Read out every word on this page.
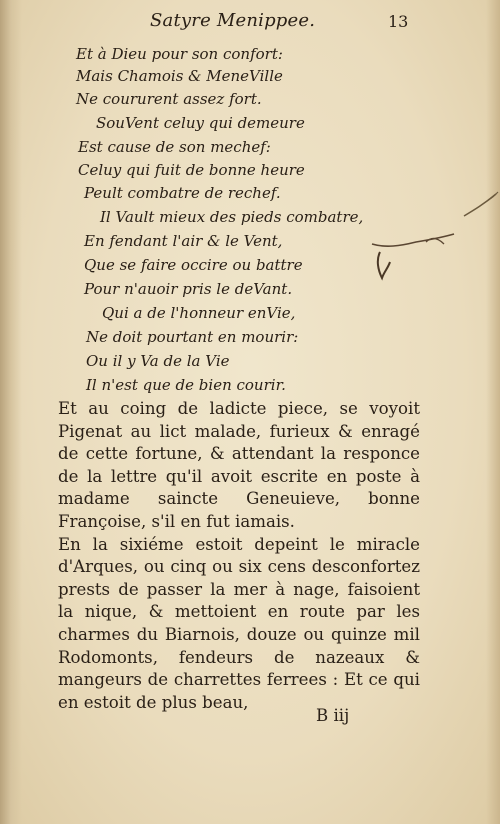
Satyre Menippee.	13
Et à Dieu pour son confort:
Mais Chamois & MeneVille
Ne coururent assez fort.
SouVent celuy qui demeure
Est cause de son mechef:
Celuy qui fuit de bonne heure
Peult combatre de rechef.
Il Vault mieux des pieds combatre,
En fendant l'air & le Vent,
Que se faire occire ou battre
Pour n'auoir pris le deVant.
Qui a de l'honneur enVie,
Ne doit pourtant en mourir:
Ou il y Va de la Vie
Il n'est que de bien courir.

Et au coing de ladicte piece, se voyoit Pigenat au lict malade, furieux & enragé de cette fortune, & attendant la responce de la lettre qu'il avoit escrite en poste à madame saincte Geneuieve, bonne Françoise, s'il en fut iamais.

En la sixiéme estoit depeint le miracle d'Arques, ou cinq ou six cens desconfortez prests de passer la mer à nage, faisoient la nique, & mettoient en route par les charmes du Biarnois, douze ou quinze mil Rodomonts, fendeurs de nazeaux & mangeurs de charrettes ferrees : Et ce qui en estoit de plus beau,

B iij
